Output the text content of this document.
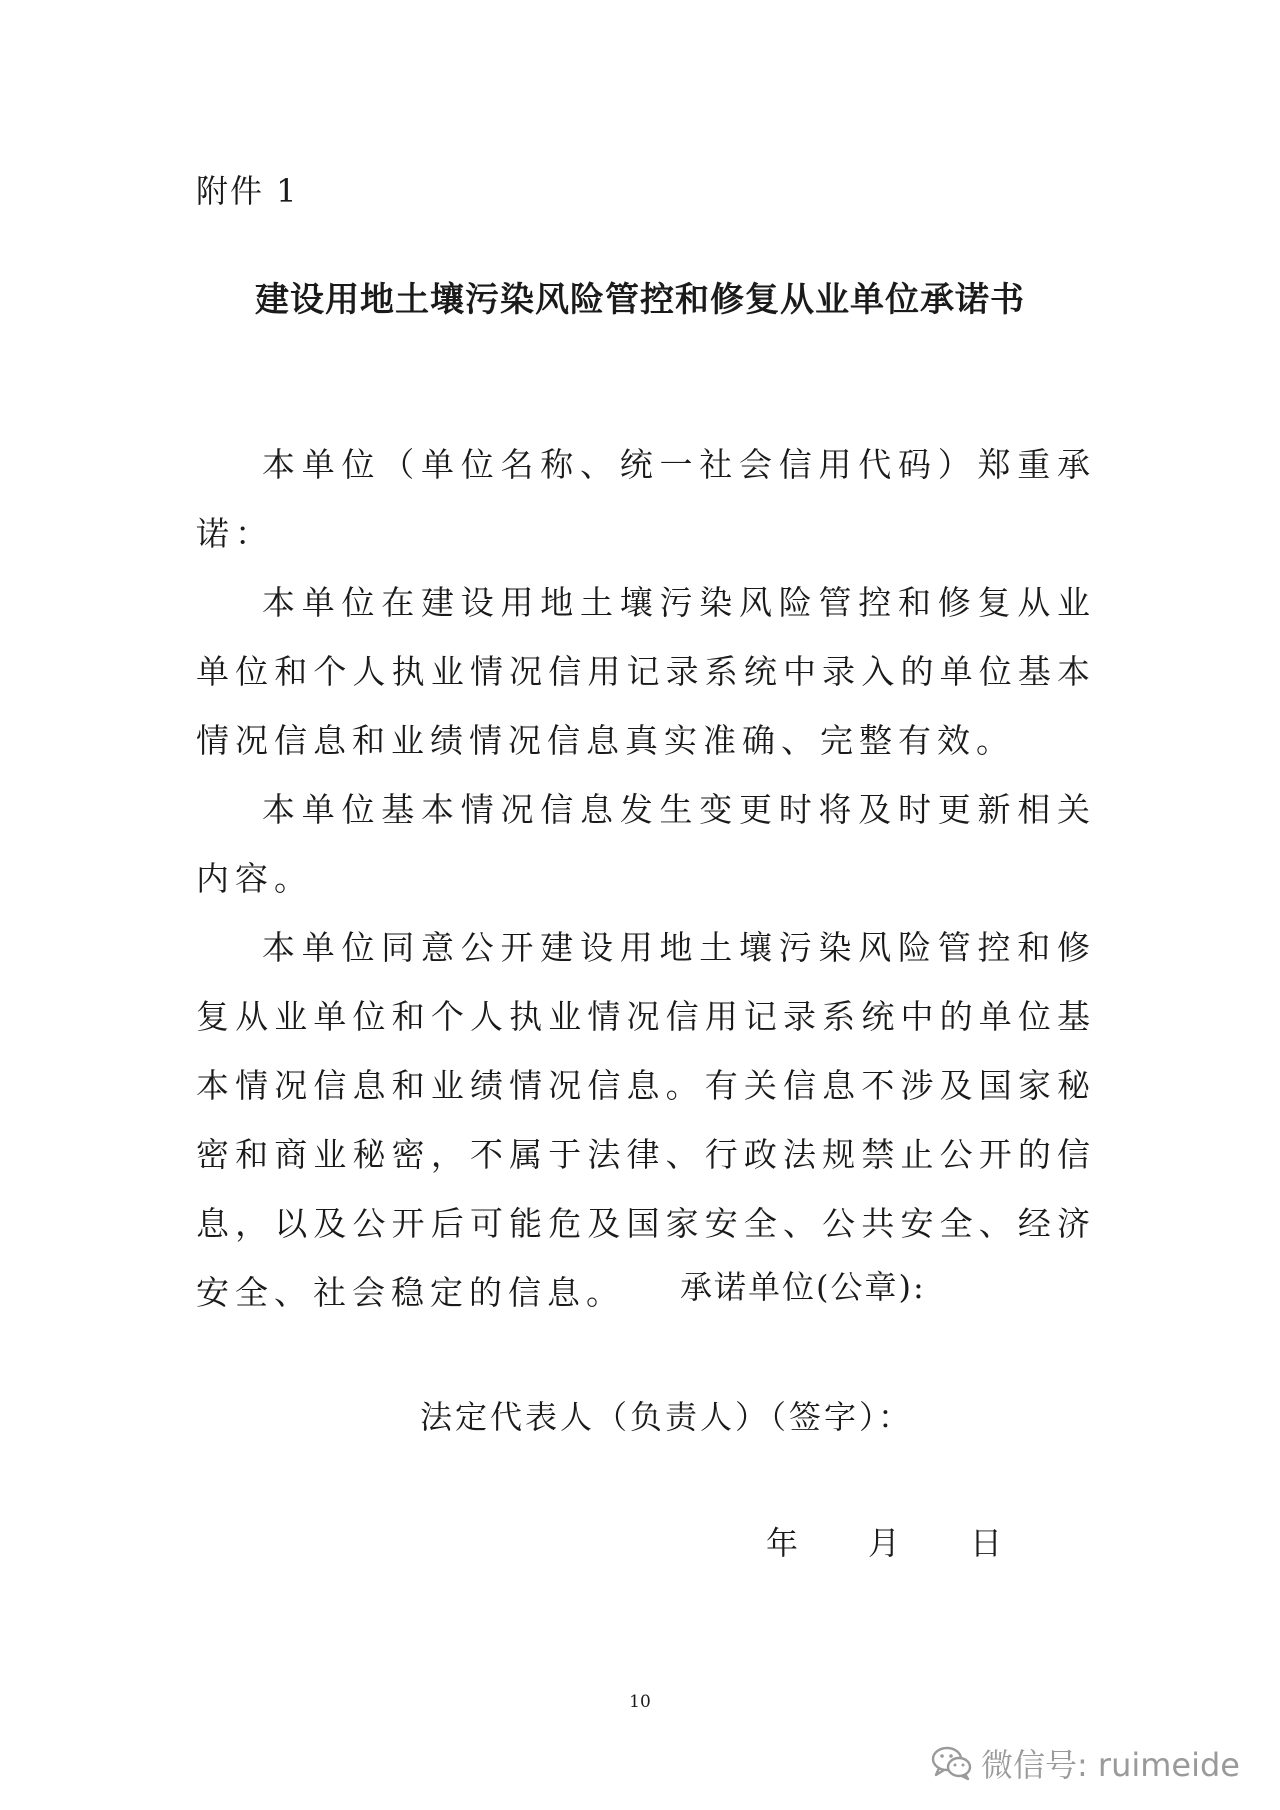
附件 1
建设用地土壤污染风险管控和修复从业单位承诺书

本单位（单位名称、统一社会信用代码）郑重承诺：

本单位在建设用地土壤污染风险管控和修复从业单位和个人执业情况信用记录系统中录入的单位基本情况信息和业绩情况信息真实准确、完整有效。

本单位基本情况信息发生变更时将及时更新相关内容。

本单位同意公开建设用地土壤污染风险管控和修复从业单位和个人执业情况信用记录系统中的单位基本情况信息和业绩情况信息。有关信息不涉及国家秘密和商业秘密，不属于法律、行政法规禁止公开的信息，以及公开后可能危及国家安全、公共安全、经济安全、社会稳定的信息。	承诺单位(公章):
法定代表人（负责人）（签字）：
年 月 日
10
微信号: ruimeide
